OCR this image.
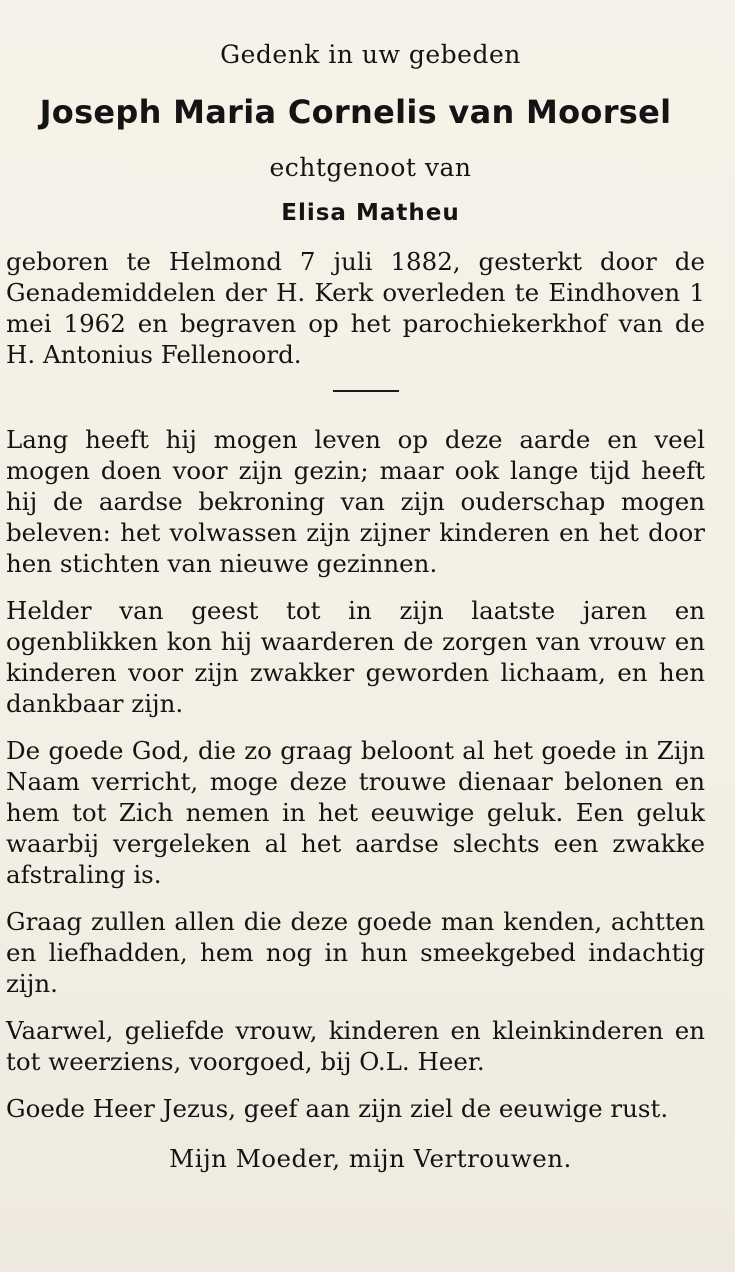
Gedenk in uw gebeden

Joseph Maria Cornelis van Moorsel

echtgenoot van

Elisa Matheu

geboren te Helmond 7 juli 1882, gesterkt door de Genademiddelen der H. Kerk overleden te Eindhoven 1 mei 1962 en begraven op het parochiekerkhof van de H. Antonius Fellenoord.

Lang heeft hij mogen leven op deze aarde en veel mogen doen voor zijn gezin; maar ook lange tijd heeft hij de aardse bekroning van zijn ouderschap mogen beleven: het volwassen zijn zijner kinderen en het door hen stichten van nieuwe gezinnen.

Helder van geest tot in zijn laatste jaren en ogenblikken kon hij waarderen de zorgen van vrouw en kinderen voor zijn zwakker geworden lichaam, en hen dankbaar zijn.

De goede God, die zo graag beloont al het goede in Zijn Naam verricht, moge deze trouwe dienaar belonen en hem tot Zich nemen in het eeuwige geluk. Een geluk waarbij vergeleken al het aardse slechts een zwakke afstraling is.

Graag zullen allen die deze goede man kenden, achtten en liefhadden, hem nog in hun smeekgebed indachtig zijn.

Vaarwel, geliefde vrouw, kinderen en kleinkinderen en tot weerziens, voorgoed, bij O.L. Heer.

Goede Heer Jezus, geef aan zijn ziel de eeuwige rust.

Mijn Moeder, mijn Vertrouwen.
